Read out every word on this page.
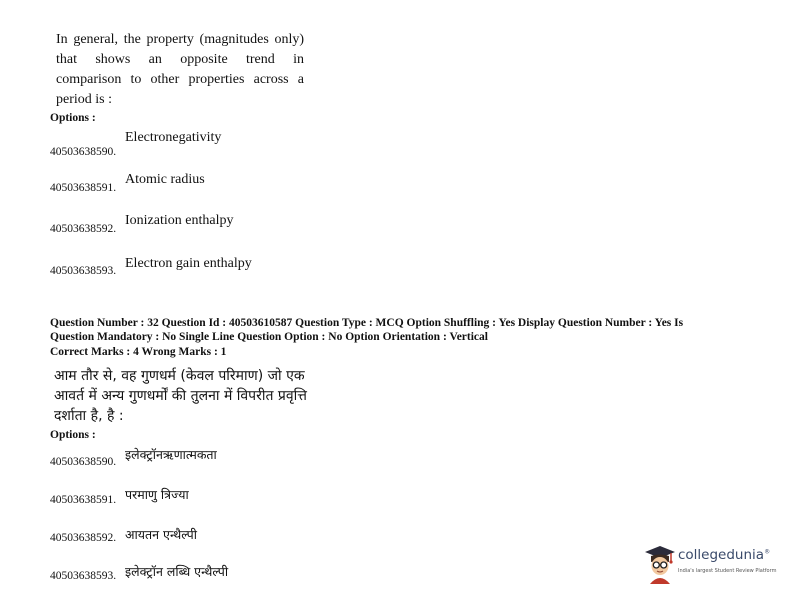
In general, the property (magnitudes only)
that shows an opposite trend in
comparison to other properties across a
period is :
Options :
40503638590.
Electronegativity
40503638591.
Atomic radius
40503638592.
Ionization enthalpy
40503638593. Electron gain enthalpy
Question Number : 32 Question Id : 40503610587 Question Type : MCQ Option Shuffling : Yes Display Question Number : Yes Is
Question Mandatory : No Single Line Question Option : No Option Orientation : Vertical
Correct Marks : 4 Wrong Marks : 1
आम तौर से, वह गुणधर्म (केवल परिमाण) जो एक
आवर्त में अन्य गुणधर्मों की तुलना में विपरीत प्रवृत्ति
दर्शाता है, है :
Options :
40503638590. इलेक्ट्रॉनऋणात्मकता
40503638591. परमाणु त्रिज्या
40503638592. आयतन एन्थैल्पी
40503638593. इलेक्ट्रॉन लब्धि एन्थैल्पी
collegedunia®
India's largest Student Review Platform
